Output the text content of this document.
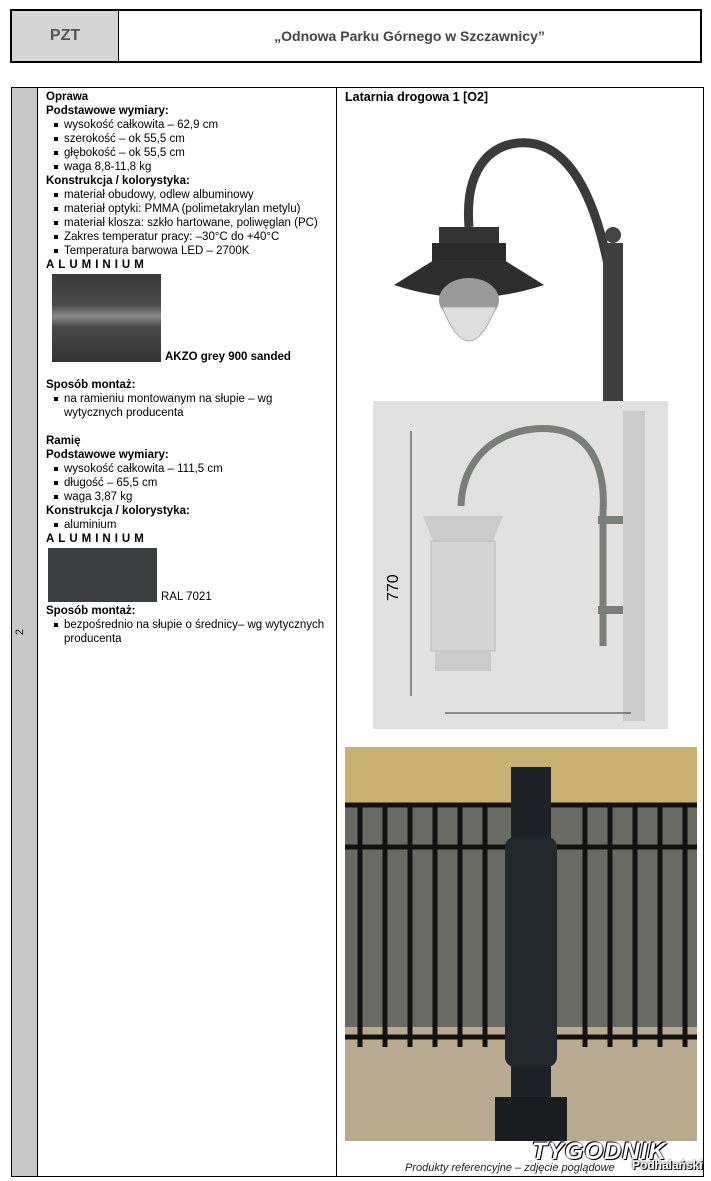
PZT	„Odnowa Parku Górnego w Szczawnicy”
2
Oprawa
Podstawowe wymiary:
wysokość całkowita – 62,9 cm
szerokość – ok 55,5 cm
głębokość – ok 55,5 cm
waga 8,8-11,8 kg
Konstrukcja / kolorystyka:
materiał obudowy, odlew albuminowy
materiał optyki: PMMA (polimetakrylan metylu)
materiał klosza: szkło hartowane, poliwęglan (PC)
Zakres temperatur pracy: –30°C do +40°C
Temperatura barwowa LED – 2700K
ALUMINIUM
AKZO grey 900 sanded
Sposób montaż:
na ramieniu montowanym na słupie – wg wytycznych producenta
Ramię
Podstawowe wymiary:
wysokość całkowita – 111,5 cm
długość – 65,5 cm
waga 3,87 kg
Konstrukcja / kolorystyka:
aluminium
ALUMINIUM
RAL 7021
Sposób montaż:
bezpośrednio na słupie o średnicy– wg wytycznych producenta
Latarnia drogowa 1 [O2]
770
Produkty referencyjne – zdjęcie poglądowe
TYGODNIK
Podhalański
